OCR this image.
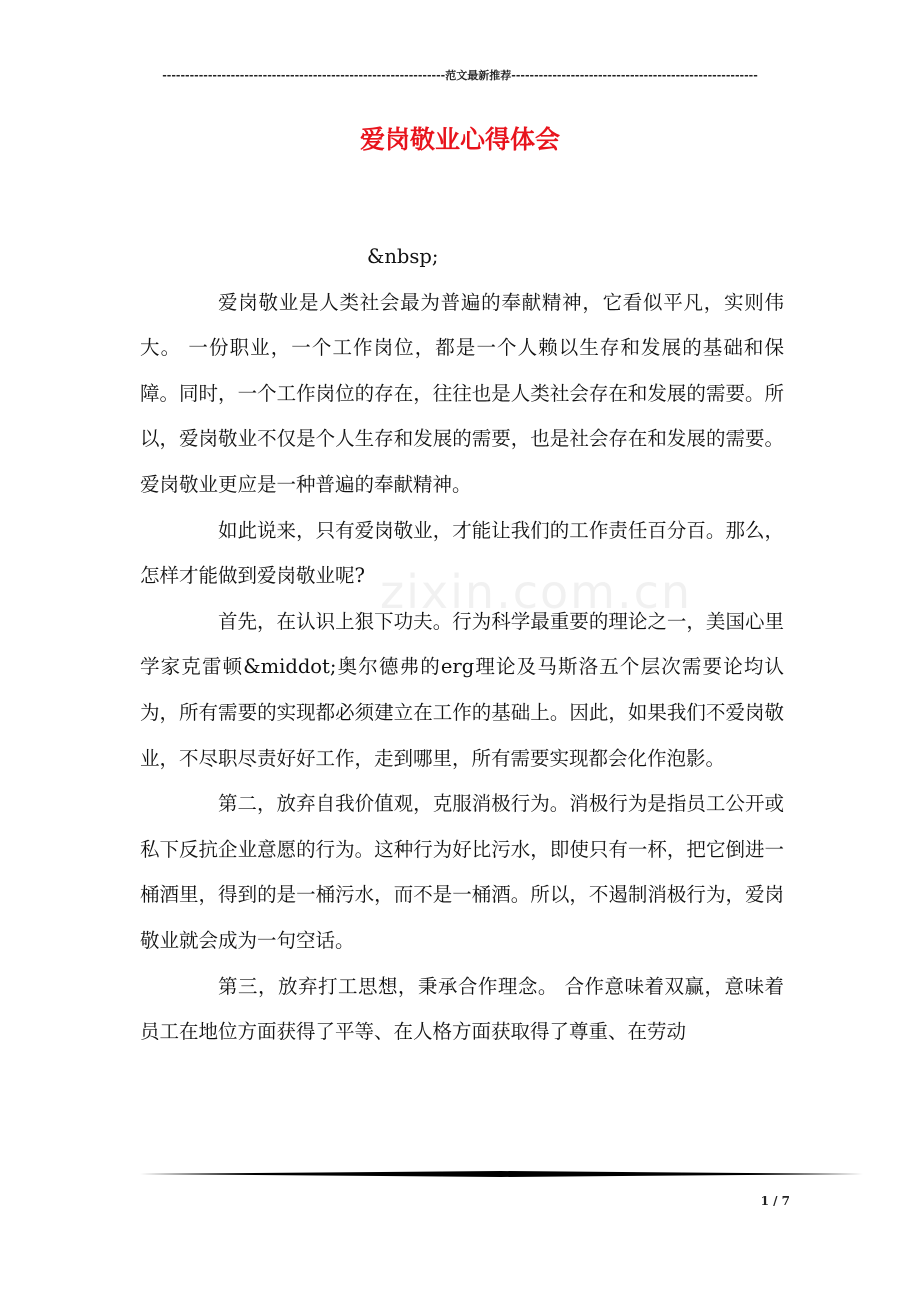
--------------------------------------------------------------范文最新推荐------------------------------------------------------
爱岗敬业心得体会
zixin.com.cn

&nbsp;

爱岗敬业是人类社会最为普遍的奉献精神，它看似平凡，实则伟大。 一份职业，一个工作岗位，都是一个人赖以生存和发展的基础和保障。同时，一个工作岗位的存在，往往也是人类社会存在和发展的需要。所以，爱岗敬业不仅是个人生存和发展的需要，也是社会存在和发展的需要。爱岗敬业更应是一种普遍的奉献精神。

如此说来，只有爱岗敬业，才能让我们的工作责任百分百。那么，怎样才能做到爱岗敬业呢?

首先，在认识上狠下功夫。行为科学最重要的理论之一，美国心里学家克雷顿&middot;奥尔德弗的erg理论及马斯洛五个层次需要论均认为，所有需要的实现都必须建立在工作的基础上。因此，如果我们不爱岗敬业，不尽职尽责好好工作，走到哪里，所有需要实现都会化作泡影。

第二，放弃自我价值观，克服消极行为。消极行为是指员工公开或私下反抗企业意愿的行为。这种行为好比污水，即使只有一杯，把它倒进一桶酒里，得到的是一桶污水，而不是一桶酒。所以，不遏制消极行为，爱岗敬业就会成为一句空话。

第三，放弃打工思想，秉承合作理念。 合作意味着双赢，意味着员工在地位方面获得了平等、在人格方面获取得了尊重、在劳动

1 / 7
